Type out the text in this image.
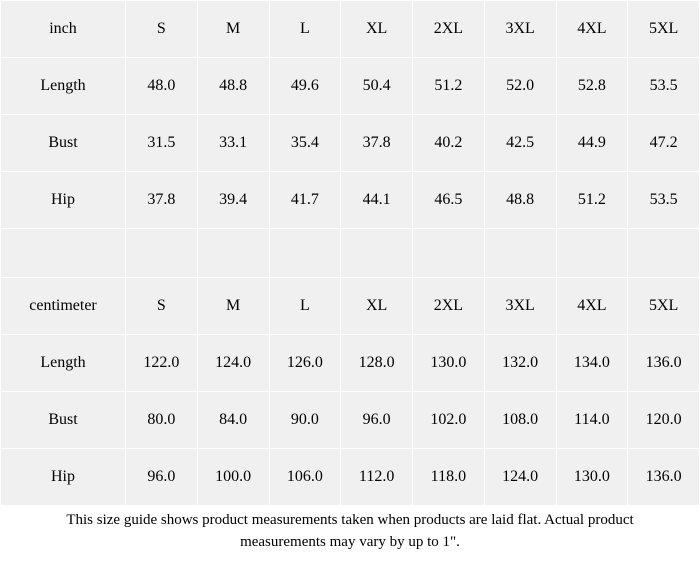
inch	S	M	L	XL	2XL	3XL	4XL	5XL
Length	48.0	48.8	49.6	50.4	51.2	52.0	52.8	53.5
Bust	31.5	33.1	35.4	37.8	40.2	42.5	44.9	47.2
Hip	37.8	39.4	41.7	44.1	46.5	48.8	51.2	53.5

centimeter	S	M	L	XL	2XL	3XL	4XL	5XL
Length	122.0	124.0	126.0	128.0	130.0	132.0	134.0	136.0
Bust	80.0	84.0	90.0	96.0	102.0	108.0	114.0	120.0
Hip	96.0	100.0	106.0	112.0	118.0	124.0	130.0	136.0
This size guide shows product measurements taken when products are laid flat. Actual product
measurements may vary by up to 1".
